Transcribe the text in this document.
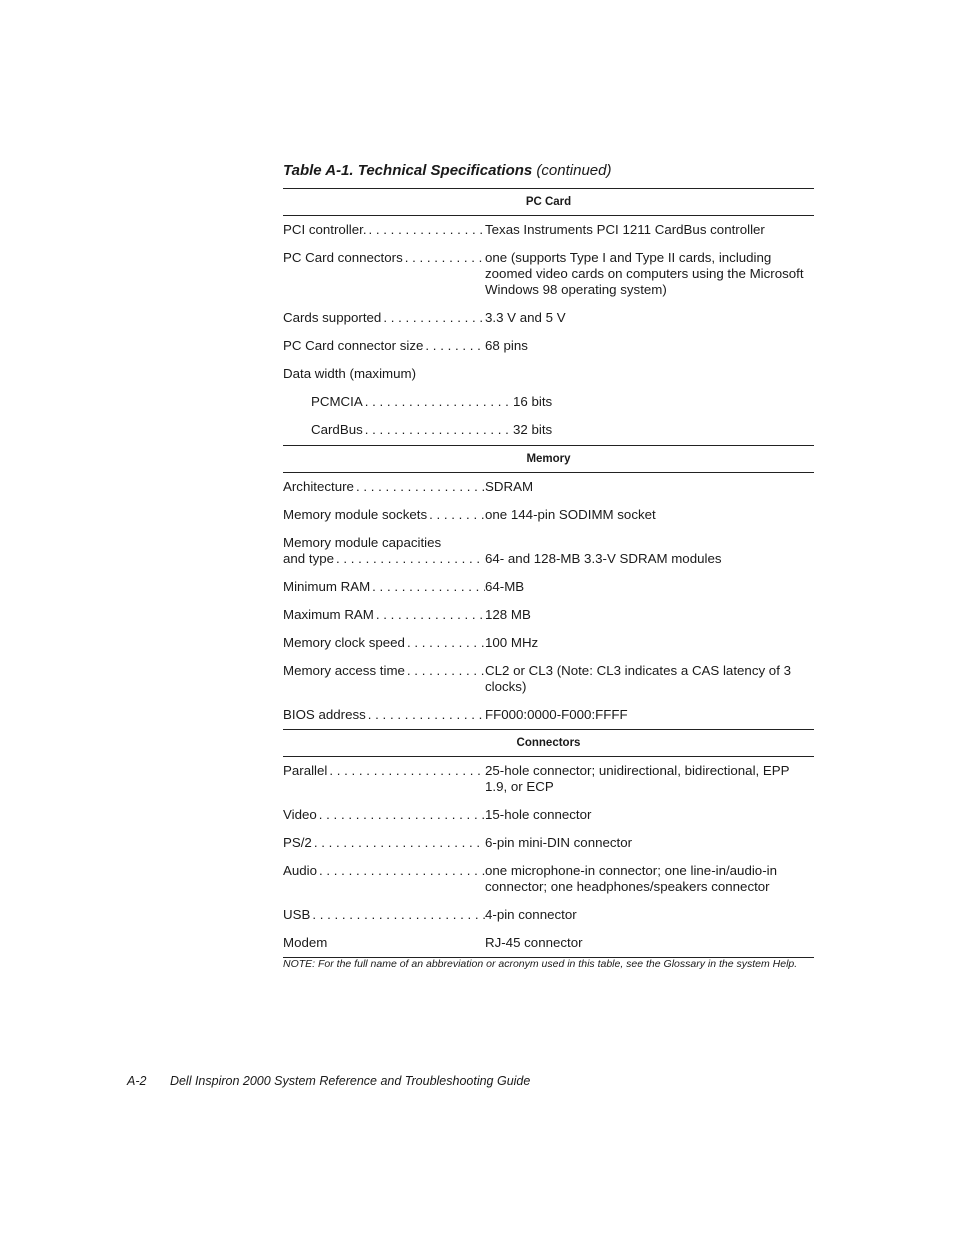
Table A-1. Technical Specifications (continued)
PC Card
PCI controller. . . .	Texas Instruments PCI 1211 CardBus controller
PC Card connectors . . .	one (supports Type I and Type II cards, including zoomed video cards on computers using the Microsoft Windows 98 operating system)
Cards supported . . .	3.3 V and 5 V
PC Card connector size . . .	68 pins
Data width (maximum)
PCMCIA . . .	16 bits
CardBus . . .	32 bits
Memory
Architecture . . .	SDRAM
Memory module sockets . . .	one 144-pin SODIMM socket
Memory module capacities
and type . . .	64- and 128-MB 3.3-V SDRAM modules
Minimum RAM . . .	64-MB
Maximum RAM . . .	128 MB
Memory clock speed . . .	100 MHz
Memory access time . . .	CL2 or CL3 (Note: CL3 indicates a CAS latency of 3 clocks)
BIOS address . . .	FF000:0000-F000:FFFF
Connectors
Parallel . . .	25-hole connector; unidirectional, bidirectional, EPP 1.9, or ECP
Video . . .	15-hole connector
PS/2 . . .	6-pin mini-DIN connector
Audio . . .	one microphone-in connector; one line-in/audio-in connector; one headphones/speakers connector
USB . . .	4-pin connector
Modem	RJ-45 connector
NOTE: For the full name of an abbreviation or acronym used in this table, see the Glossary in the system Help.
A-2 Dell Inspiron 2000 System Reference and Troubleshooting Guide
